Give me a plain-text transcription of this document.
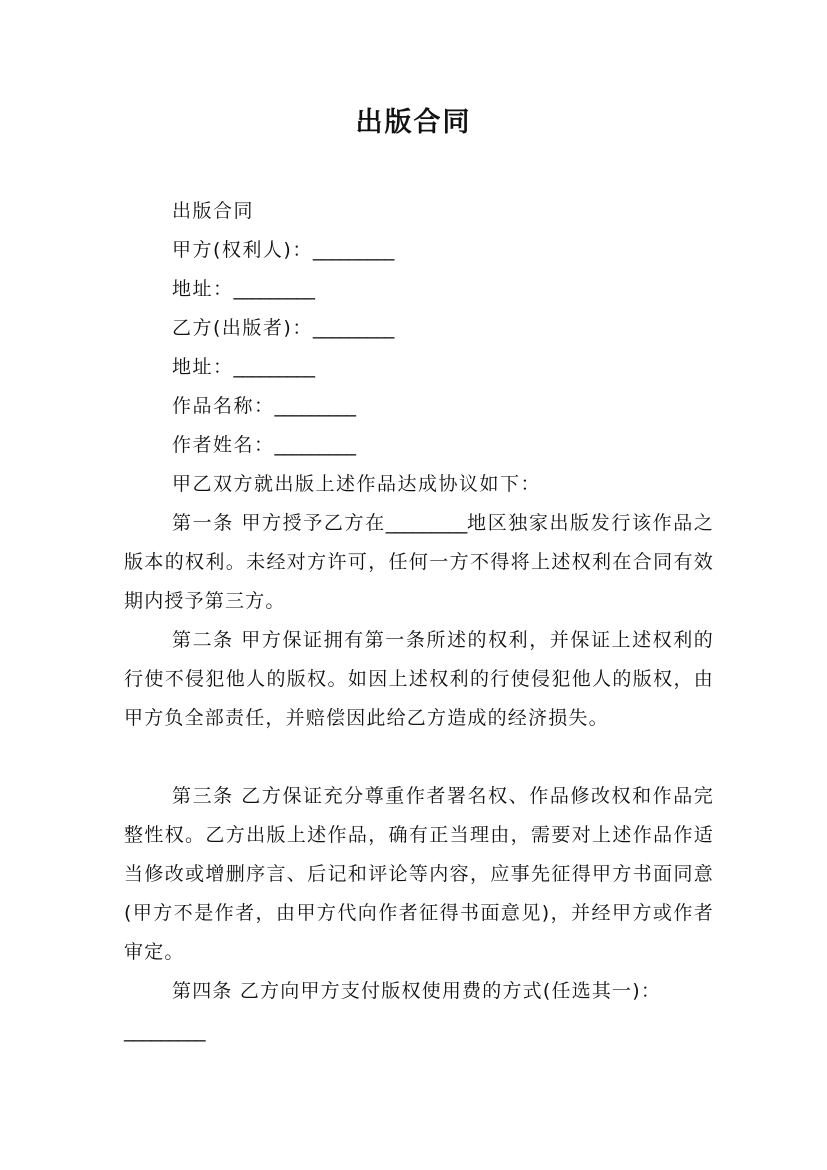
出版合同
出版合同
甲方(权利人)：_________
地址：_________
乙方(出版者)：_________
地址：_________
作品名称：_________
作者姓名：_________
甲乙双方就出版上述作品达成协议如下：
第一条 甲方授予乙方在_________地区独家出版发行该作品之版本的权利。未经对方许可，任何一方不得将上述权利在合同有效期内授予第三方。
第二条 甲方保证拥有第一条所述的权利，并保证上述权利的行使不侵犯他人的版权。如因上述权利的行使侵犯他人的版权，由甲方负全部责任，并赔偿因此给乙方造成的经济损失。
第三条 乙方保证充分尊重作者署名权、作品修改权和作品完整性权。乙方出版上述作品，确有正当理由，需要对上述作品作适当修改或增删序言、后记和评论等内容，应事先征得甲方书面同意(甲方不是作者，由甲方代向作者征得书面意见)，并经甲方或作者审定。
第四条 乙方向甲方支付版权使用费的方式(任选其一)：
_________
